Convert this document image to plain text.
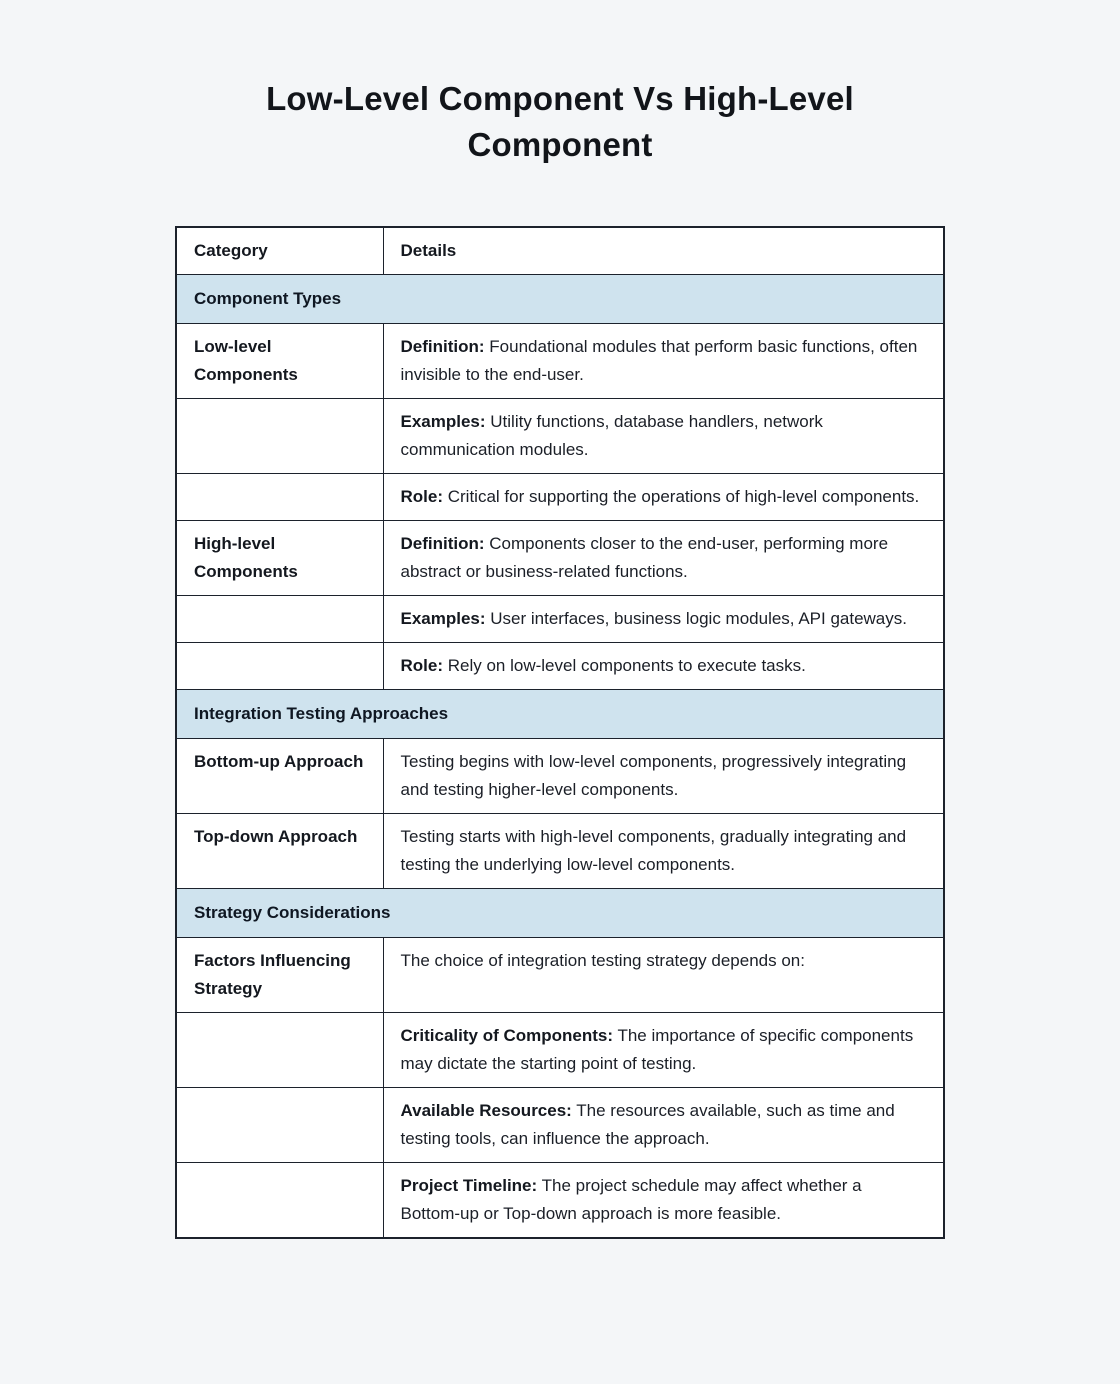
Low-Level Component Vs High-Level Component
Category	Details
Component Types	
Low-level Components	Definition: Foundational modules that perform basic functions, often invisible to the end-user.
	Examples: Utility functions, database handlers, network communication modules.
	Role: Critical for supporting the operations of high-level components.
High-level Components	Definition: Components closer to the end-user, performing more abstract or business-related functions.
	Examples: User interfaces, business logic modules, API gateways.
	Role: Rely on low-level components to execute tasks.
Integration Testing Approaches	
Bottom-up Approach	Testing begins with low-level components, progressively integrating and testing higher-level components.
Top-down Approach	Testing starts with high-level components, gradually integrating and testing the underlying low-level components.
Strategy Considerations	
Factors Influencing Strategy	The choice of integration testing strategy depends on:
	Criticality of Components: The importance of specific components may dictate the starting point of testing.
	Available Resources: The resources available, such as time and testing tools, can influence the approach.
	Project Timeline: The project schedule may affect whether a Bottom-up or Top-down approach is more feasible.
